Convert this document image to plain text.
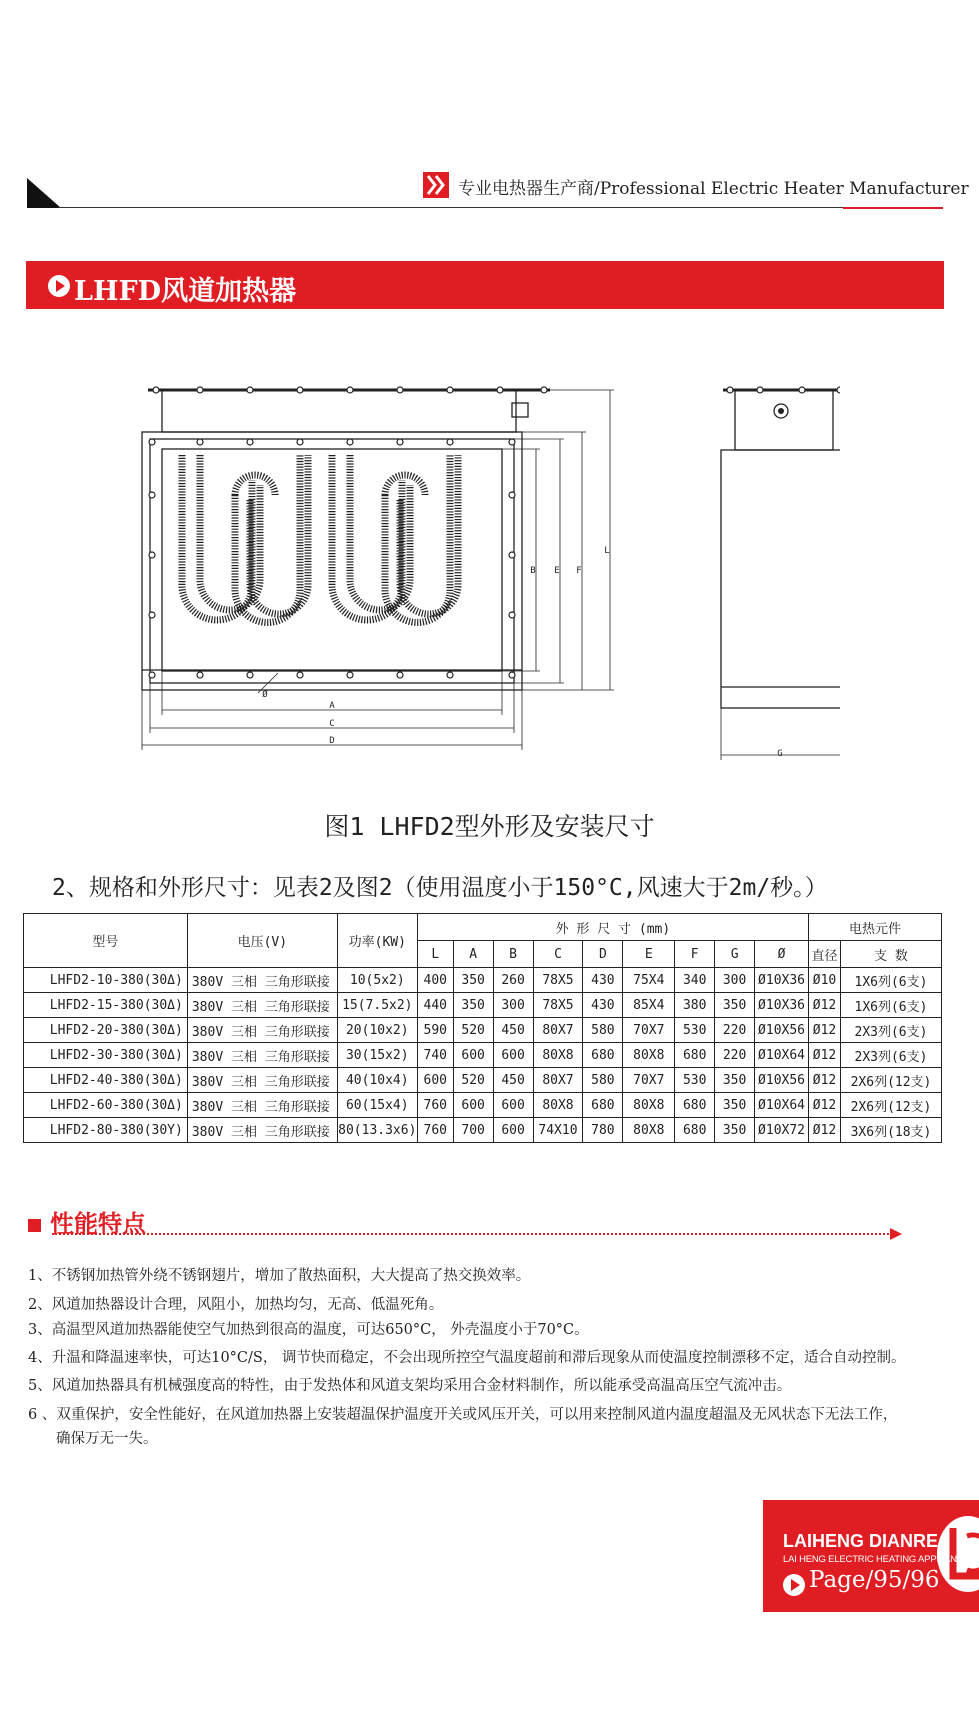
专业电热器生产商/Professional Electric Heater Manufacturer
LHFD风道加热器
A
C
D
B E F
L
Ø
G
图1 LHFD2型外形及安装尺寸
2、规格和外形尺寸：见表2及图2（使用温度小于150°C,风速大于2m/秒。）
型号	电压(V)	功率(KW)	外 形 尺 寸 (mm)									电热元件	
			L	A	B	C	D	E	F	G	Ø	直径	支 数
LHFD2-10-380(30Δ)	380V 三相 三角形联接	10(5x2)	400	350	260	78X5	430	75X4	340	300	Ø10X36	Ø10	1X6列(6支)
LHFD2-15-380(30Δ)	380V 三相 三角形联接	15(7.5x2)	440	350	300	78X5	430	85X4	380	350	Ø10X36	Ø12	1X6列(6支)
LHFD2-20-380(30Δ)	380V 三相 三角形联接	20(10x2)	590	520	450	80X7	580	70X7	530	220	Ø10X56	Ø12	2X3列(6支)
LHFD2-30-380(30Δ)	380V 三相 三角形联接	30(15x2)	740	600	600	80X8	680	80X8	680	220	Ø10X64	Ø12	2X3列(6支)
LHFD2-40-380(30Δ)	380V 三相 三角形联接	40(10x4)	600	520	450	80X7	580	70X7	530	350	Ø10X56	Ø12	2X6列(12支)
LHFD2-60-380(30Δ)	380V 三相 三角形联接	60(15x4)	760	600	600	80X8	680	80X8	680	350	Ø10X64	Ø12	2X6列(12支)
LHFD2-80-380(30Y)	380V 三相 三角形联接	80(13.3x6)	760	700	600	74X10	780	80X8	680	350	Ø10X72	Ø12	3X6列(18支)
性能特点
1、不锈钢加热管外绕不锈钢翅片，增加了散热面积，大大提高了热交换效率。
2、风道加热器设计合理，风阻小，加热均匀，无高、低温死角。
3、高温型风道加热器能使空气加热到很高的温度，可达650°C， 外壳温度小于70°C。
4、升温和降温速率快，可达10°C/S， 调节快而稳定，不会出现所控空气温度超前和滞后现象从而使温度控制漂移不定，适合自动控制。
5、风道加热器具有机械强度高的特性，由于发热体和风道支架均采用合金材料制作，所以能承受高温高压空气流冲击。
6 、双重保护，安全性能好，在风道加热器上安装超温保护温度开关或风压开关，可以用来控制风道内温度超温及无风状态下无法工作，
确保万无一失。
LAIHENG DIANRE
LAI HENG ELECTRIC HEATING APPLIANCES
Page/95/96
